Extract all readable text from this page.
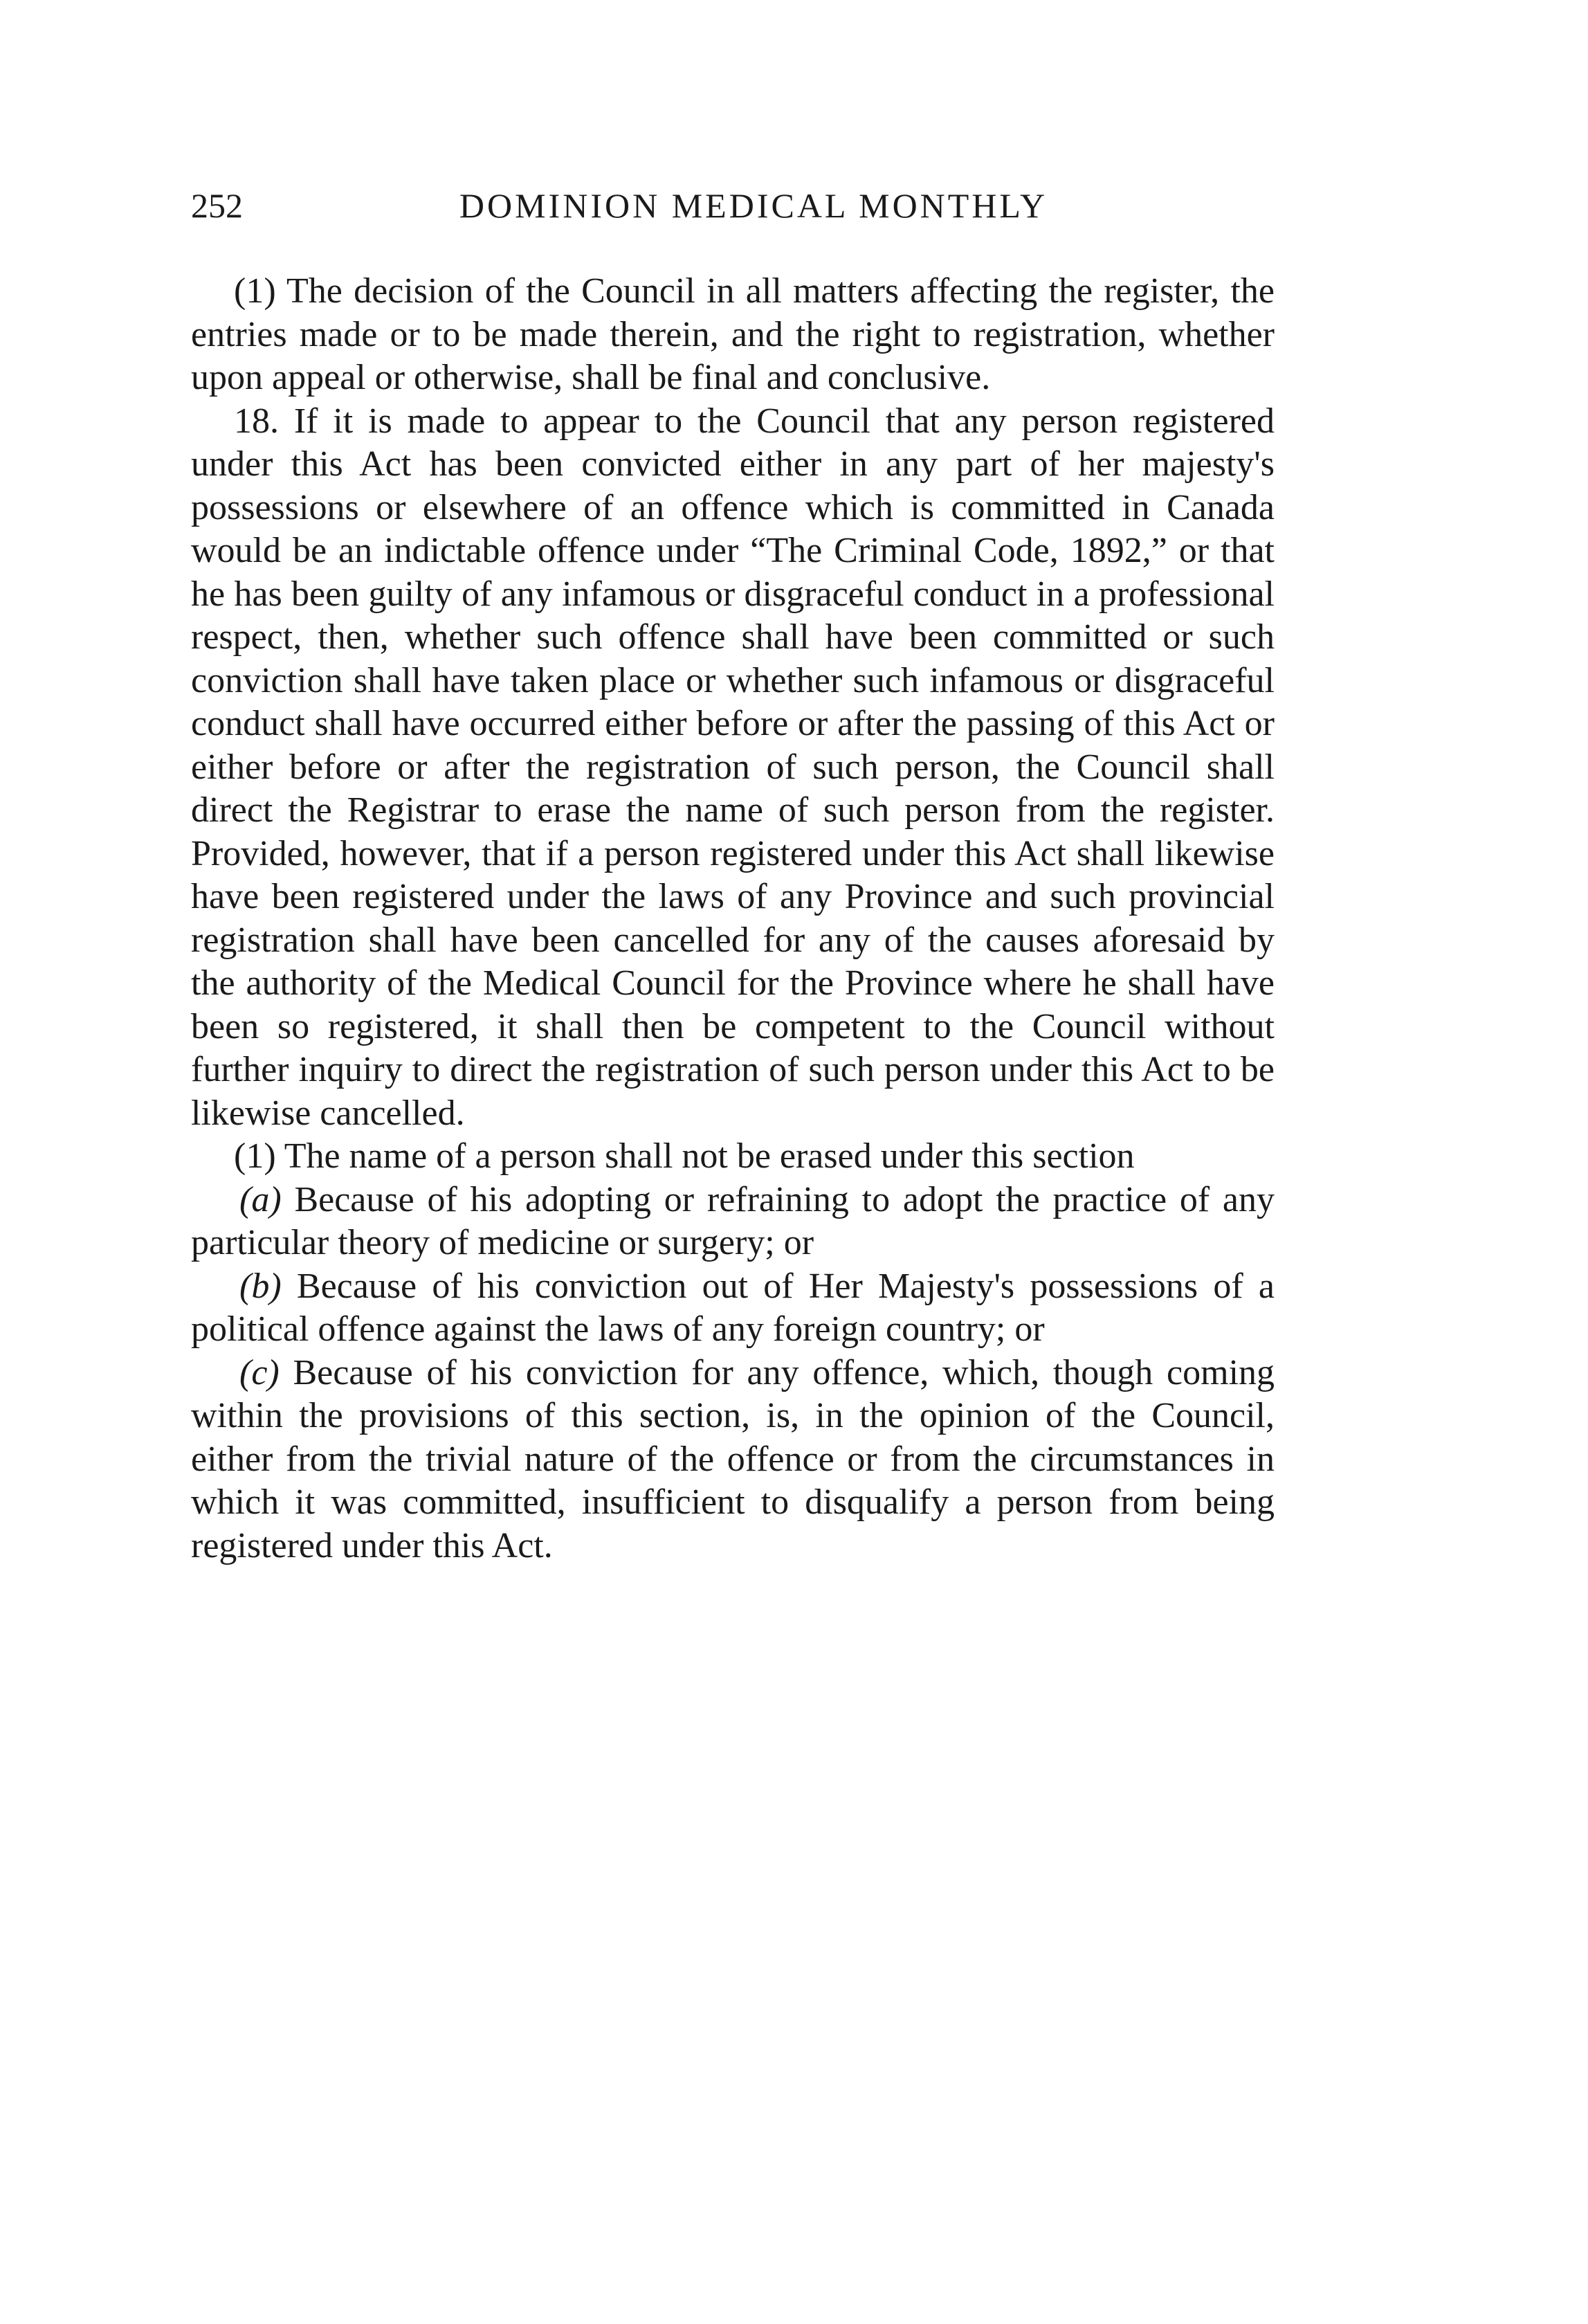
252	DOMINION MEDICAL MONTHLY

(1) The decision of the Council in all matters affecting the register, the entries made or to be made therein, and the right to registration, whether upon appeal or otherwise, shall be final and conclusive.

18. If it is made to appear to the Council that any person registered under this Act has been convicted either in any part of her majesty's possessions or elsewhere of an offence which is committed in Canada would be an indictable offence under “The Criminal Code, 1892,” or that he has been guilty of any infamous or disgraceful conduct in a professional respect, then, whether such offence shall have been committed or such conviction shall have taken place or whether such infamous or disgraceful conduct shall have occurred either before or after the passing of this Act or either before or after the registration of such person, the Council shall direct the Registrar to erase the name of such person from the register. Provided, however, that if a person registered under this Act shall likewise have been registered under the laws of any Province and such provincial registration shall have been cancelled for any of the causes aforesaid by the authority of the Medical Council for the Province where he shall have been so registered, it shall then be competent to the Council without further inquiry to direct the registration of such person under this Act to be likewise cancelled.

(1) The name of a person shall not be erased under this section

(a) Because of his adopting or refraining to adopt the practice of any particular theory of medicine or surgery; or

(b) Because of his conviction out of Her Majesty's possessions of a political offence against the laws of any foreign country; or

(c) Because of his conviction for any offence, which, though coming within the provisions of this section, is, in the opinion of the Council, either from the trivial nature of the offence or from the circumstances in which it was committed, insufficient to disqualify a person from being registered under this Act.
